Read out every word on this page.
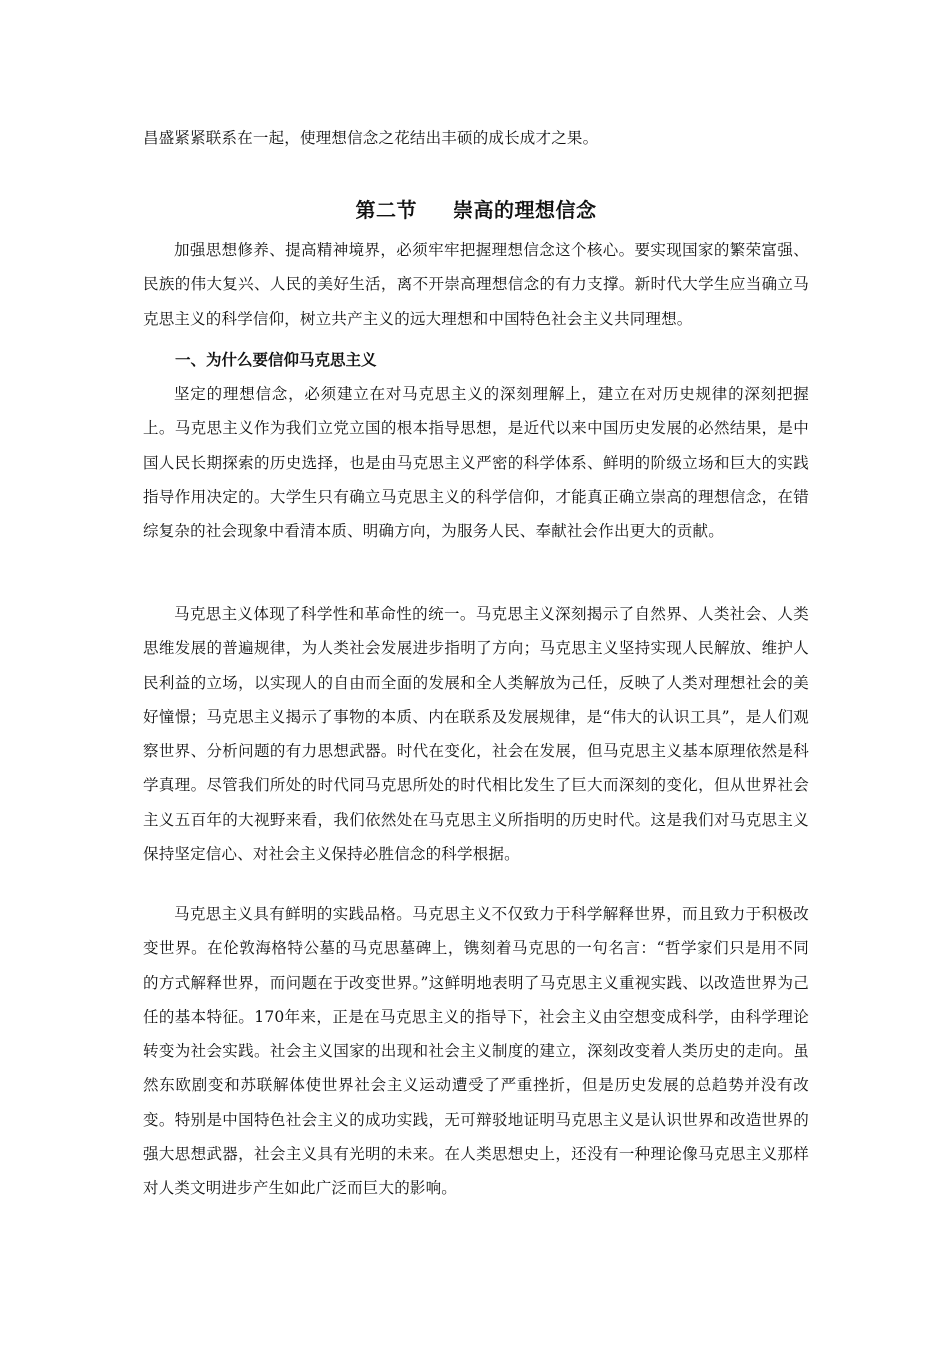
昌盛紧紧联系在一起，使理想信念之花结出丰硕的成长成才之果。

第二节 崇高的理想信念

加强思想修养、提高精神境界，必须牢牢把握理想信念这个核心。要实现国家的繁荣富强、民族的伟大复兴、人民的美好生活，离不开崇高理想信念的有力支撑。新时代大学生应当确立马克思主义的科学信仰，树立共产主义的远大理想和中国特色社会主义共同理想。

一、为什么要信仰马克思主义

坚定的理想信念，必须建立在对马克思主义的深刻理解上，建立在对历史规律的深刻把握上。马克思主义作为我们立党立国的根本指导思想，是近代以来中国历史发展的必然结果，是中国人民长期探索的历史选择，也是由马克思主义严密的科学体系、鲜明的阶级立场和巨大的实践指导作用决定的。大学生只有确立马克思主义的科学信仰，才能真正确立崇高的理想信念，在错综复杂的社会现象中看清本质、明确方向，为服务人民、奉献社会作出更大的贡献。

马克思主义体现了科学性和革命性的统一。马克思主义深刻揭示了自然界、人类社会、人类思维发展的普遍规律，为人类社会发展进步指明了方向；马克思主义坚持实现人民解放、维护人民利益的立场，以实现人的自由而全面的发展和全人类解放为己任，反映了人类对理想社会的美好憧憬；马克思主义揭示了事物的本质、内在联系及发展规律，是“伟大的认识工具”，是人们观察世界、分析问题的有力思想武器。时代在变化，社会在发展，但马克思主义基本原理依然是科学真理。尽管我们所处的时代同马克思所处的时代相比发生了巨大而深刻的变化，但从世界社会主义五百年的大视野来看，我们依然处在马克思主义所指明的历史时代。这是我们对马克思主义保持坚定信心、对社会主义保持必胜信念的科学根据。

马克思主义具有鲜明的实践品格。马克思主义不仅致力于科学解释世界，而且致力于积极改变世界。在伦敦海格特公墓的马克思墓碑上，镌刻着马克思的一句名言：“哲学家们只是用不同的方式解释世界，而问题在于改变世界。”这鲜明地表明了马克思主义重视实践、以改造世界为己任的基本特征。170年来，正是在马克思主义的指导下，社会主义由空想变成科学，由科学理论转变为社会实践。社会主义国家的出现和社会主义制度的建立，深刻改变着人类历史的走向。虽然东欧剧变和苏联解体使世界社会主义运动遭受了严重挫折，但是历史发展的总趋势并没有改变。特别是中国特色社会主义的成功实践，无可辩驳地证明马克思主义是认识世界和改造世界的强大思想武器，社会主义具有光明的未来。在人类思想史上，还没有一种理论像马克思主义那样对人类文明进步产生如此广泛而巨大的影响。
